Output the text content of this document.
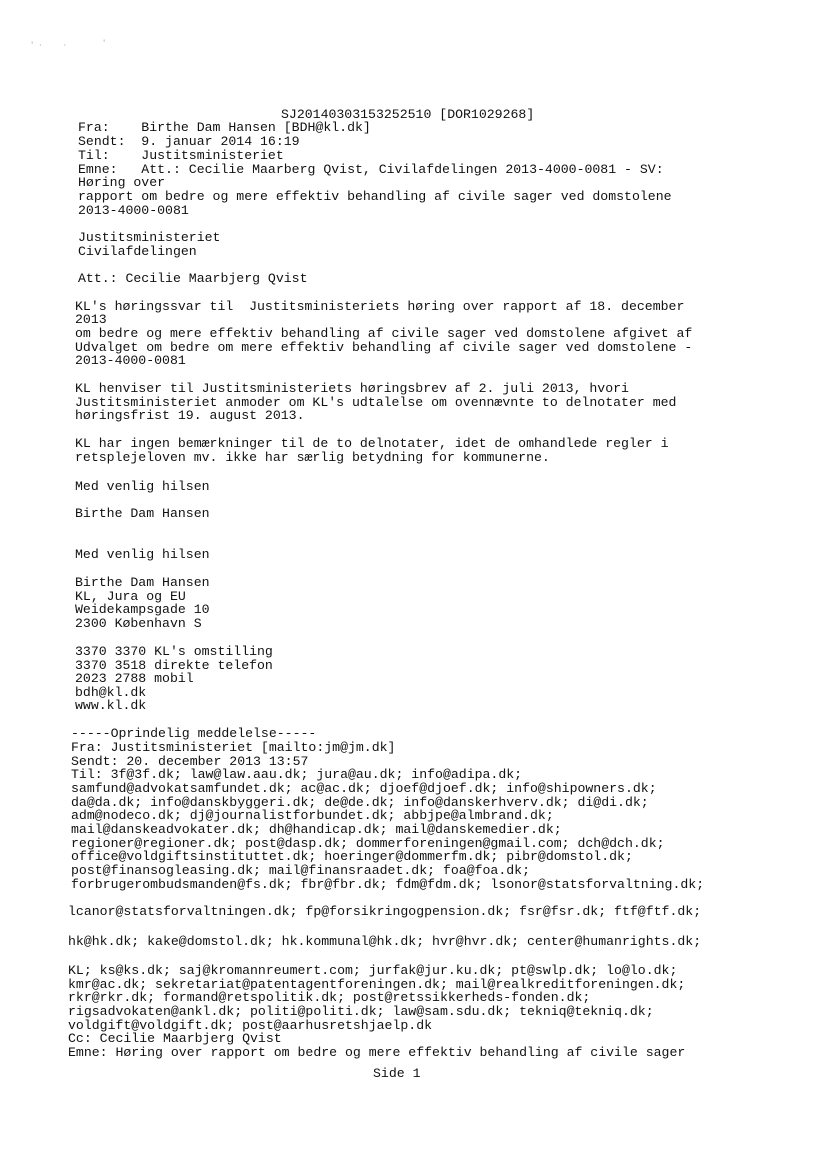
'·  ·	'
SJ20140303153252510 [DOR1029268]
Fra:    Birthe Dam Hansen [BDH@kl.dk]
Sendt:  9. januar 2014 16:19
Til:    Justitsministeriet
Emne:   Att.: Cecilie Maarberg Qvist, Civilafdelingen 2013-4000-0081 - SV:
Høring over
rapport om bedre og mere effektiv behandling af civile sager ved domstolene
2013-4000-0081
Justitsministeriet
Civilafdelingen
Att.: Cecilie Maarbjerg Qvist
KL's høringssvar til  Justitsministeriets høring over rapport af 18. december
2013
om bedre og mere effektiv behandling af civile sager ved domstolene afgivet af
Udvalget om bedre om mere effektiv behandling af civile sager ved domstolene -
2013-4000-0081
KL henviser til Justitsministeriets høringsbrev af 2. juli 2013, hvori
Justitsministeriet anmoder om KL's udtalelse om ovennævnte to delnotater med
høringsfrist 19. august 2013.
KL har ingen bemærkninger til de to delnotater, idet de omhandlede regler i
retsplejeloven mv. ikke har særlig betydning for kommunerne.
Med venlig hilsen
Birthe Dam Hansen
Med venlig hilsen
Birthe Dam Hansen
KL, Jura og EU
Weidekampsgade 10
2300 København S
3370 3370 KL's omstilling
3370 3518 direkte telefon
2023 2788 mobil
bdh@kl.dk
www.kl.dk
-----Oprindelig meddelelse-----
Fra: Justitsministeriet [mailto:jm@jm.dk]
Sendt: 20. december 2013 13:57
Til: 3f@3f.dk; law@law.aau.dk; jura@au.dk; info@adipa.dk;
samfund@advokatsamfundet.dk; ac@ac.dk; djoef@djoef.dk; info@shipowners.dk;
da@da.dk; info@danskbyggeri.dk; de@de.dk; info@danskerhverv.dk; di@di.dk;
adm@nodeco.dk; dj@journalistforbundet.dk; abbjpe@almbrand.dk;
mail@danskeadvokater.dk; dh@handicap.dk; mail@danskemedier.dk;
regioner@regioner.dk; post@dasp.dk; dommerforeningen@gmail.com; dch@dch.dk;
office@voldgiftsinstituttet.dk; hoeringer@dommerfm.dk; pibr@domstol.dk;
post@finansogleasing.dk; mail@finansraadet.dk; foa@foa.dk;
forbrugerombudsmanden@fs.dk; fbr@fbr.dk; fdm@fdm.dk; lsonor@statsforvaltning.dk;
lcanor@statsforvaltningen.dk; fp@forsikringogpension.dk; fsr@fsr.dk; ftf@ftf.dk;
hk@hk.dk; kake@domstol.dk; hk.kommunal@hk.dk; hvr@hvr.dk; center@humanrights.dk;
KL; ks@ks.dk; saj@kromannreumert.com; jurfak@jur.ku.dk; pt@swlp.dk; lo@lo.dk;
kmr@ac.dk; sekretariat@patentagentforeningen.dk; mail@realkreditforeningen.dk;
rkr@rkr.dk; formand@retspolitik.dk; post@retssikkerheds-fonden.dk;
rigsadvokaten@ankl.dk; politi@politi.dk; law@sam.sdu.dk; tekniq@tekniq.dk;
voldgift@voldgift.dk; post@aarhusretshjaelp.dk
Cc: Cecilie Maarbjerg Qvist
Emne: Høring over rapport om bedre og mere effektiv behandling af civile sager
Side 1
